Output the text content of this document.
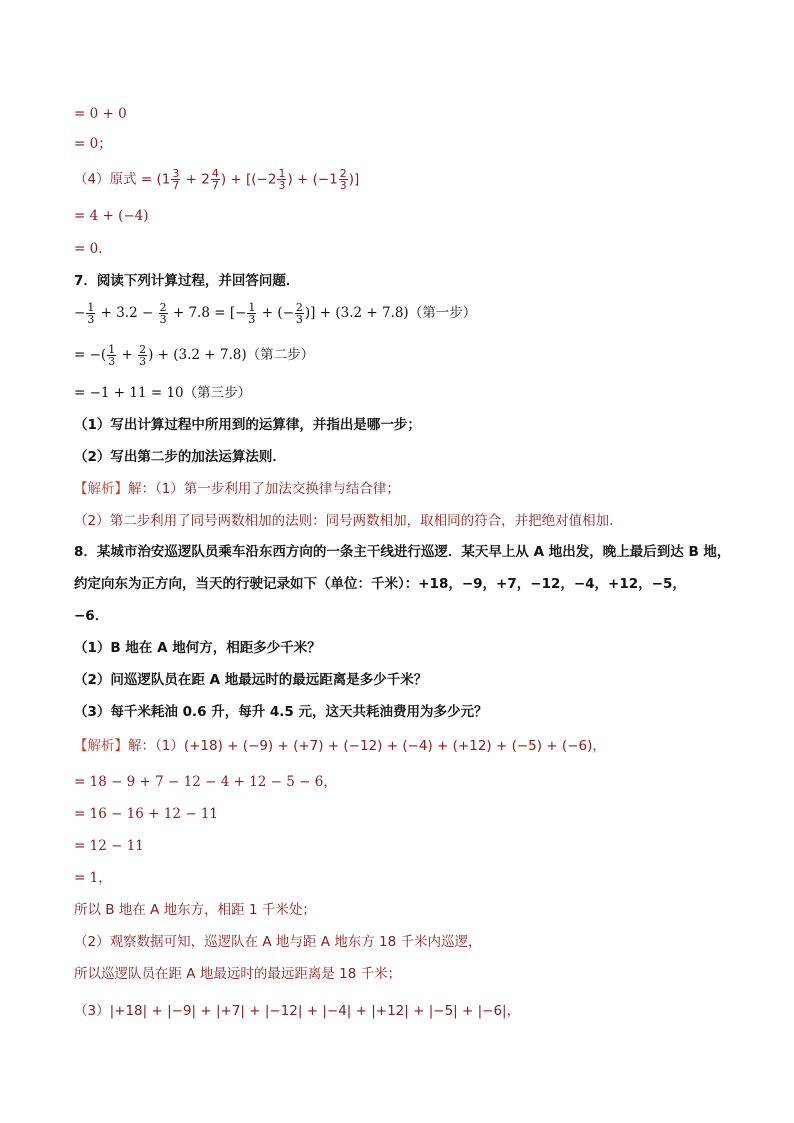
= 0 + 0
= 0；
（4）原式 = ($1 \frac{3}{7} + 2 \frac{4}{7}$ ) + [($-2 \frac{1}{3}$ ) + ($-1 \frac{2}{3}$ )]
= 4 + (−4)
= 0．
7．阅读下列计算过程，并回答问题．
− $\frac{1}{3} + 3.2 - \frac{2}{3} + 7.8$ = [− $\frac{1}{3}$ + (− $\frac{2}{3}$ )] + (3.2 + 7.8)（第一步）
= −( $\frac{1}{3} + \frac{2}{3}$ ) + (3.2 + 7.8)（第二步）
= −1 + 11 = 10（第三步）
（1）写出计算过程中所用到的运算律，并指出是哪一步；
（2）写出第二步的加法运算法则．
【解析】解：（1）第一步利用了加法交换律与结合律；
（2）第二步利用了同号两数相加的法则：同号两数相加，取相同的符合，并把绝对值相加．
8．某城市治安巡逻队员乘车沿东西方向的一条主干线进行巡逻．某天早上从 A 地出发，晚上最后到达 B 地，
约定向东为正方向，当天的行驶记录如下（单位：千米）：+18，−9，+7，−12，−4，+12，−5，
−6．
（1）B 地在 A 地何方，相距多少千米？
（2）问巡逻队员在距 A 地最远时的最远距离是多少千米？
（3）每千米耗油 0.6 升，每升 4.5 元，这天共耗油费用为多少元？
【解析】解：（1）(+18) + (−9) + (+7) + (−12) + (−4) + (+12) + (−5) + (−6)，
= 18 − 9 + 7 − 12 − 4 + 12 − 5 − 6，
= 16 − 16 + 12 − 11
= 12 − 11
= 1，
所以 B 地在 A 地东方，相距 1 千米处；
（2）观察数据可知，巡逻队在 A 地与距 A 地东方 18 千米内巡逻，
所以巡逻队员在距 A 地最远时的最远距离是 18 千米；
（3）|+18| + |−9| + |+7| + |−12| + |−4| + |+12| + |−5| + |−6|，
